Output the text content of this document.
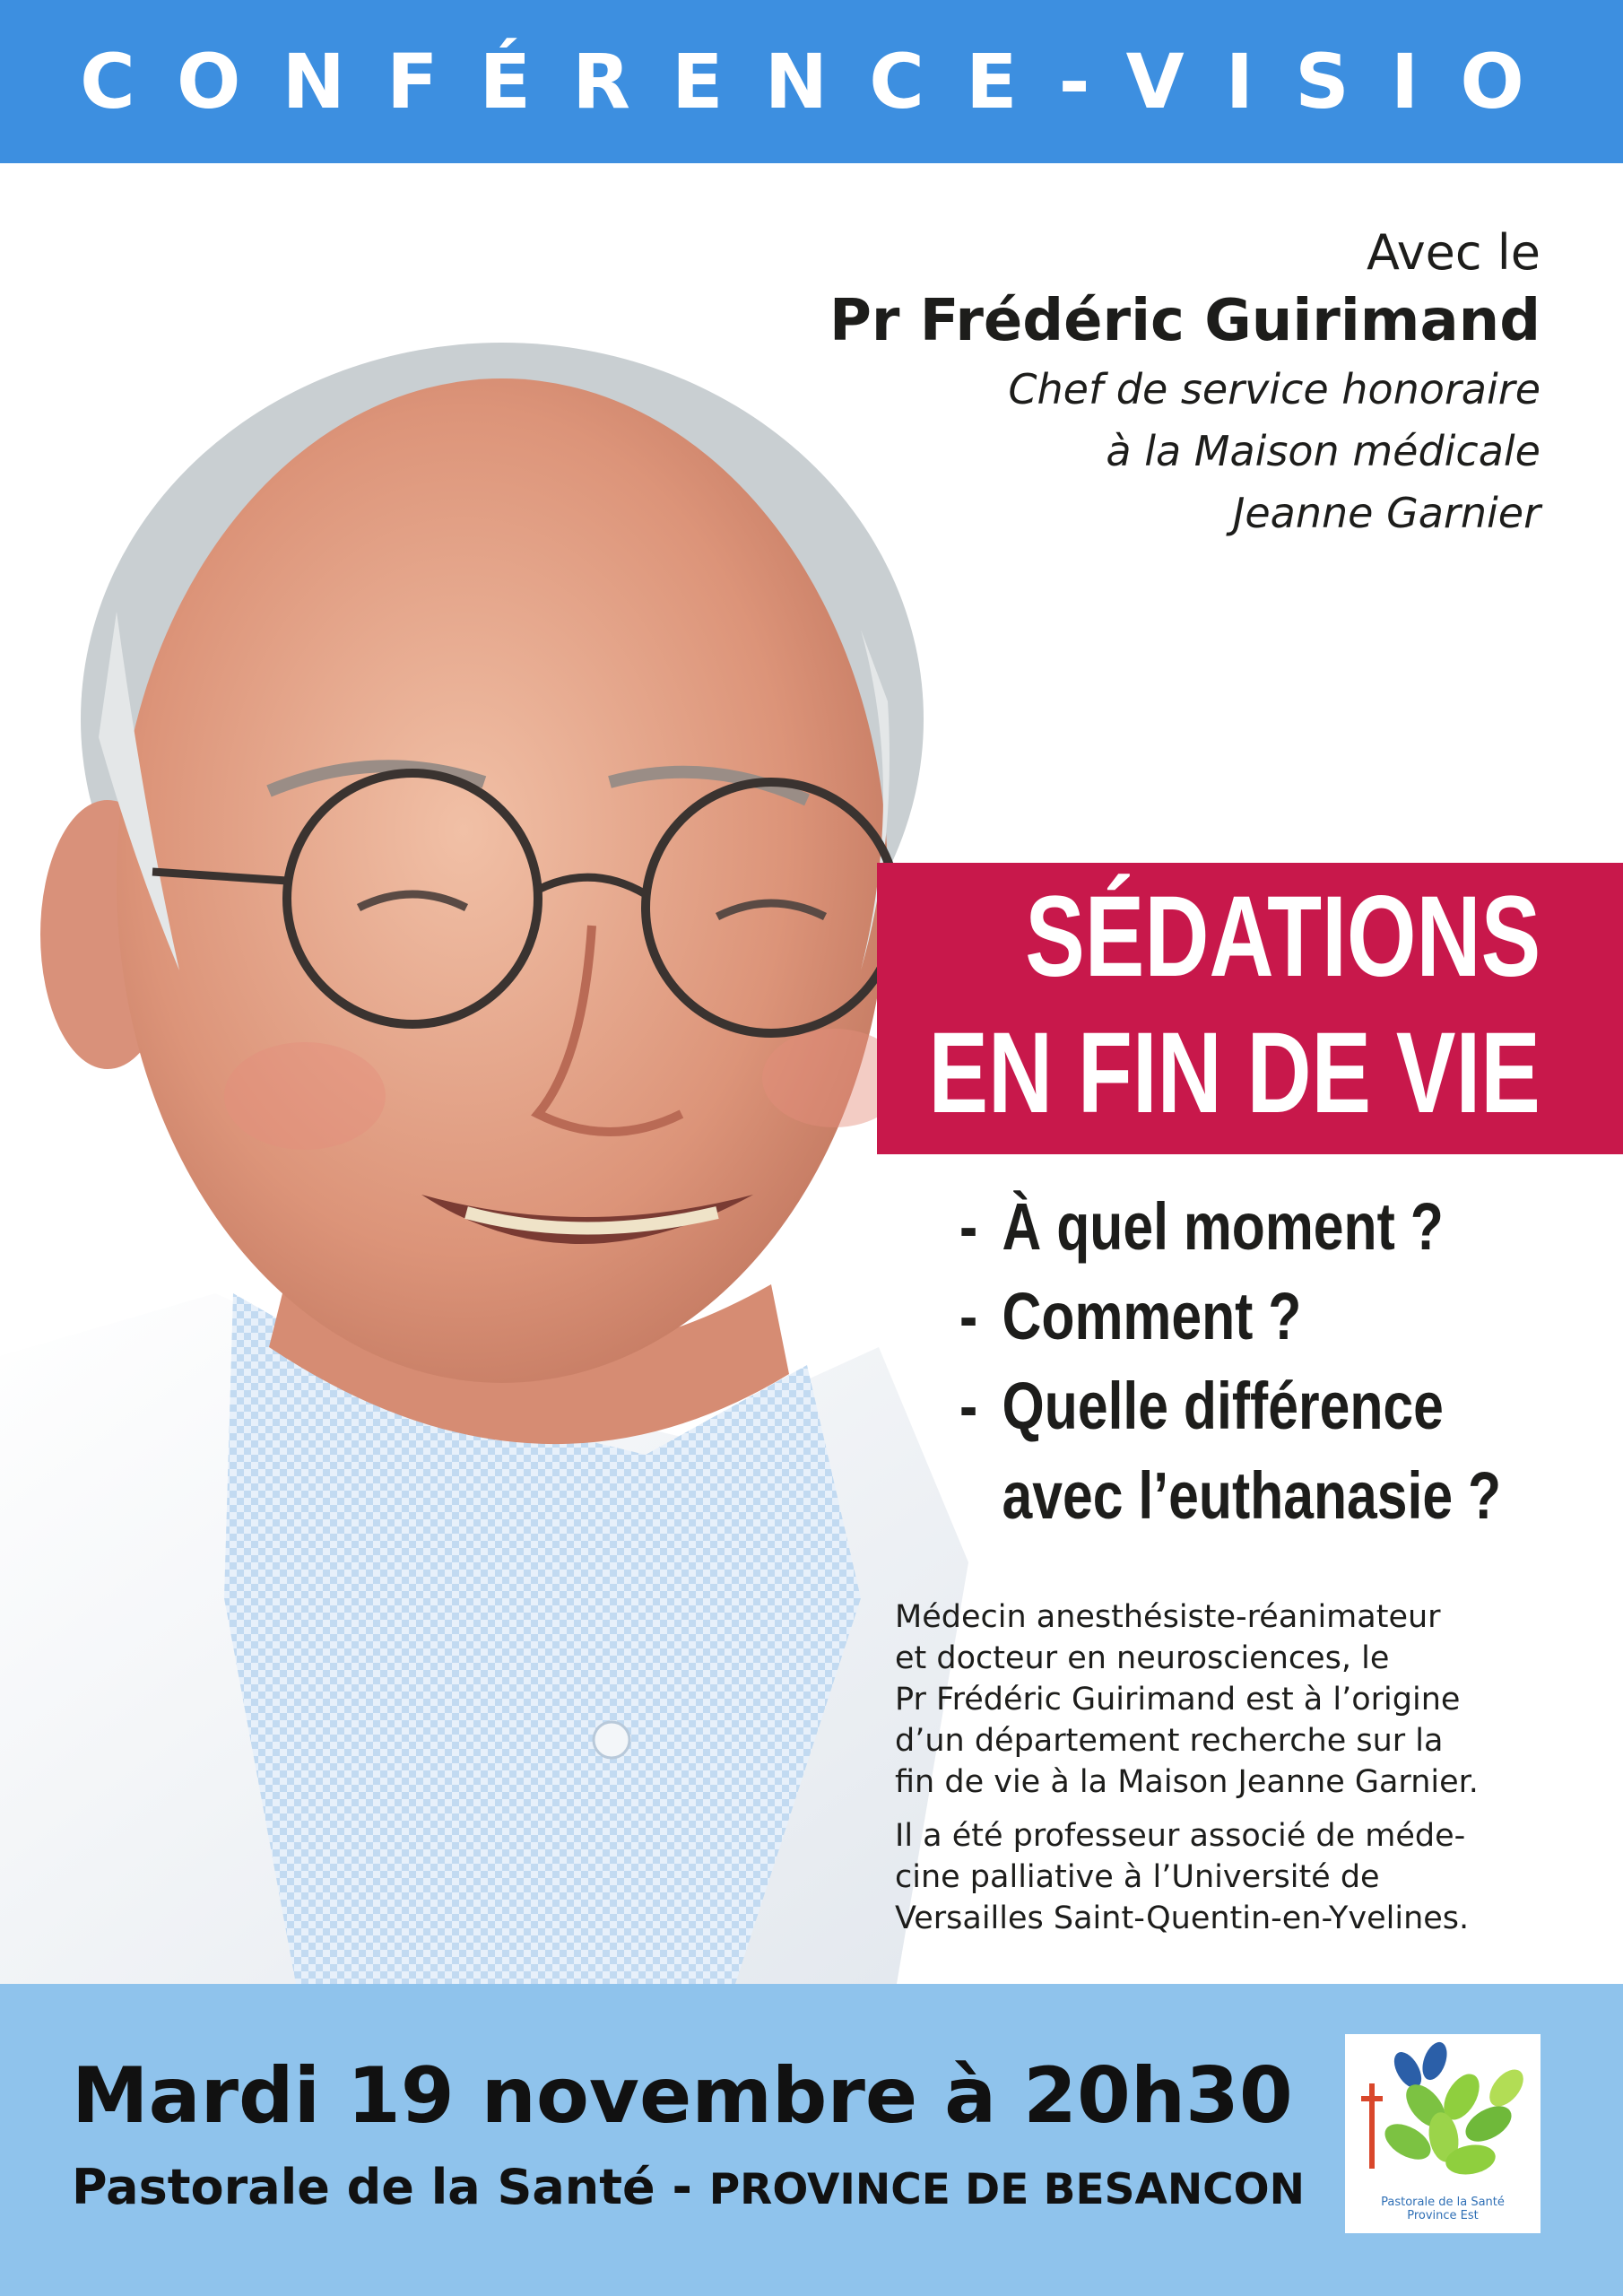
CONFÉRENCE-VISIO
Avec le
Pr Frédéric Guirimand
Chef de service honoraire
à la Maison médicale
Jeanne Garnier
SÉDATIONS
EN FIN DE VIE
- À quel moment ?
- Comment ?
- Quelle différence
avec l’euthanasie ?

Médecin anesthésiste-réanimateur
et docteur en neurosciences, le
Pr Frédéric Guirimand est à l’origine
d’un département recherche sur la
fin de vie à la Maison Jeanne Garnier.

Il a été professeur associé de méde-
cine palliative à l’Université de
Versailles Saint-Quentin-en-Yvelines.

Mardi 19 novembre à 20h30
Pastorale de la Santé - PROVINCE DE BESANCON	Pastorale de la Santé
Province Est
